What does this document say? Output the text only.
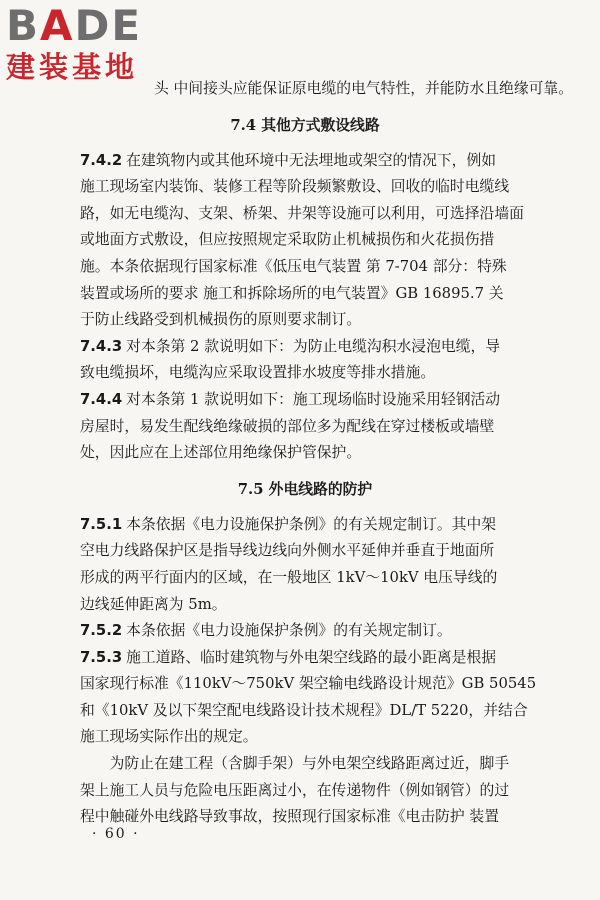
BADE
建装基地
头 中间接头应能保证原电缆的电气特性，并能防水且绝缘可靠。
7.4 其他方式敷设线路
7.4.2 在建筑物内或其他环境中无法埋地或架空的情况下，例如
施工现场室内装饰、装修工程等阶段频繁敷设、回收的临时电缆线
路，如无电缆沟、支架、桥架、井架等设施可以利用，可选择沿墙面
或地面方式敷设，但应按照规定采取防止机械损伤和火花损伤措
施。本条依据现行国家标准《低压电气装置 第 7-704 部分：特殊
装置或场所的要求 施工和拆除场所的电气装置》GB 16895.7 关
于防止线路受到机械损伤的原则要求制订。
7.4.3 对本条第 2 款说明如下：为防止电缆沟积水浸泡电缆，导
致电缆损坏，电缆沟应采取设置排水坡度等排水措施。
7.4.4 对本条第 1 款说明如下：施工现场临时设施采用轻钢活动
房屋时，易发生配线绝缘破损的部位多为配线在穿过楼板或墙壁
处，因此应在上述部位用绝缘保护管保护。
7.5 外电线路的防护
7.5.1 本条依据《电力设施保护条例》的有关规定制订。其中架
空电力线路保护区是指导线边线向外侧水平延伸并垂直于地面所
形成的两平行面内的区域，在一般地区 1kV～10kV 电压导线的
边线延伸距离为 5m。
7.5.2 本条依据《电力设施保护条例》的有关规定制订。
7.5.3 施工道路、临时建筑物与外电架空线路的最小距离是根据
国家现行标准《110kV～750kV 架空输电线路设计规范》GB 50545
和《10kV 及以下架空配电线路设计技术规程》DL/T 5220，并结合
施工现场实际作出的规定。
为防止在建工程（含脚手架）与外电架空线路距离过近，脚手
架上施工人员与危险电压距离过小，在传递物件（例如钢管）的过
程中触碰外电线路导致事故，按照现行国家标准《电击防护 装置
· 60 ·
